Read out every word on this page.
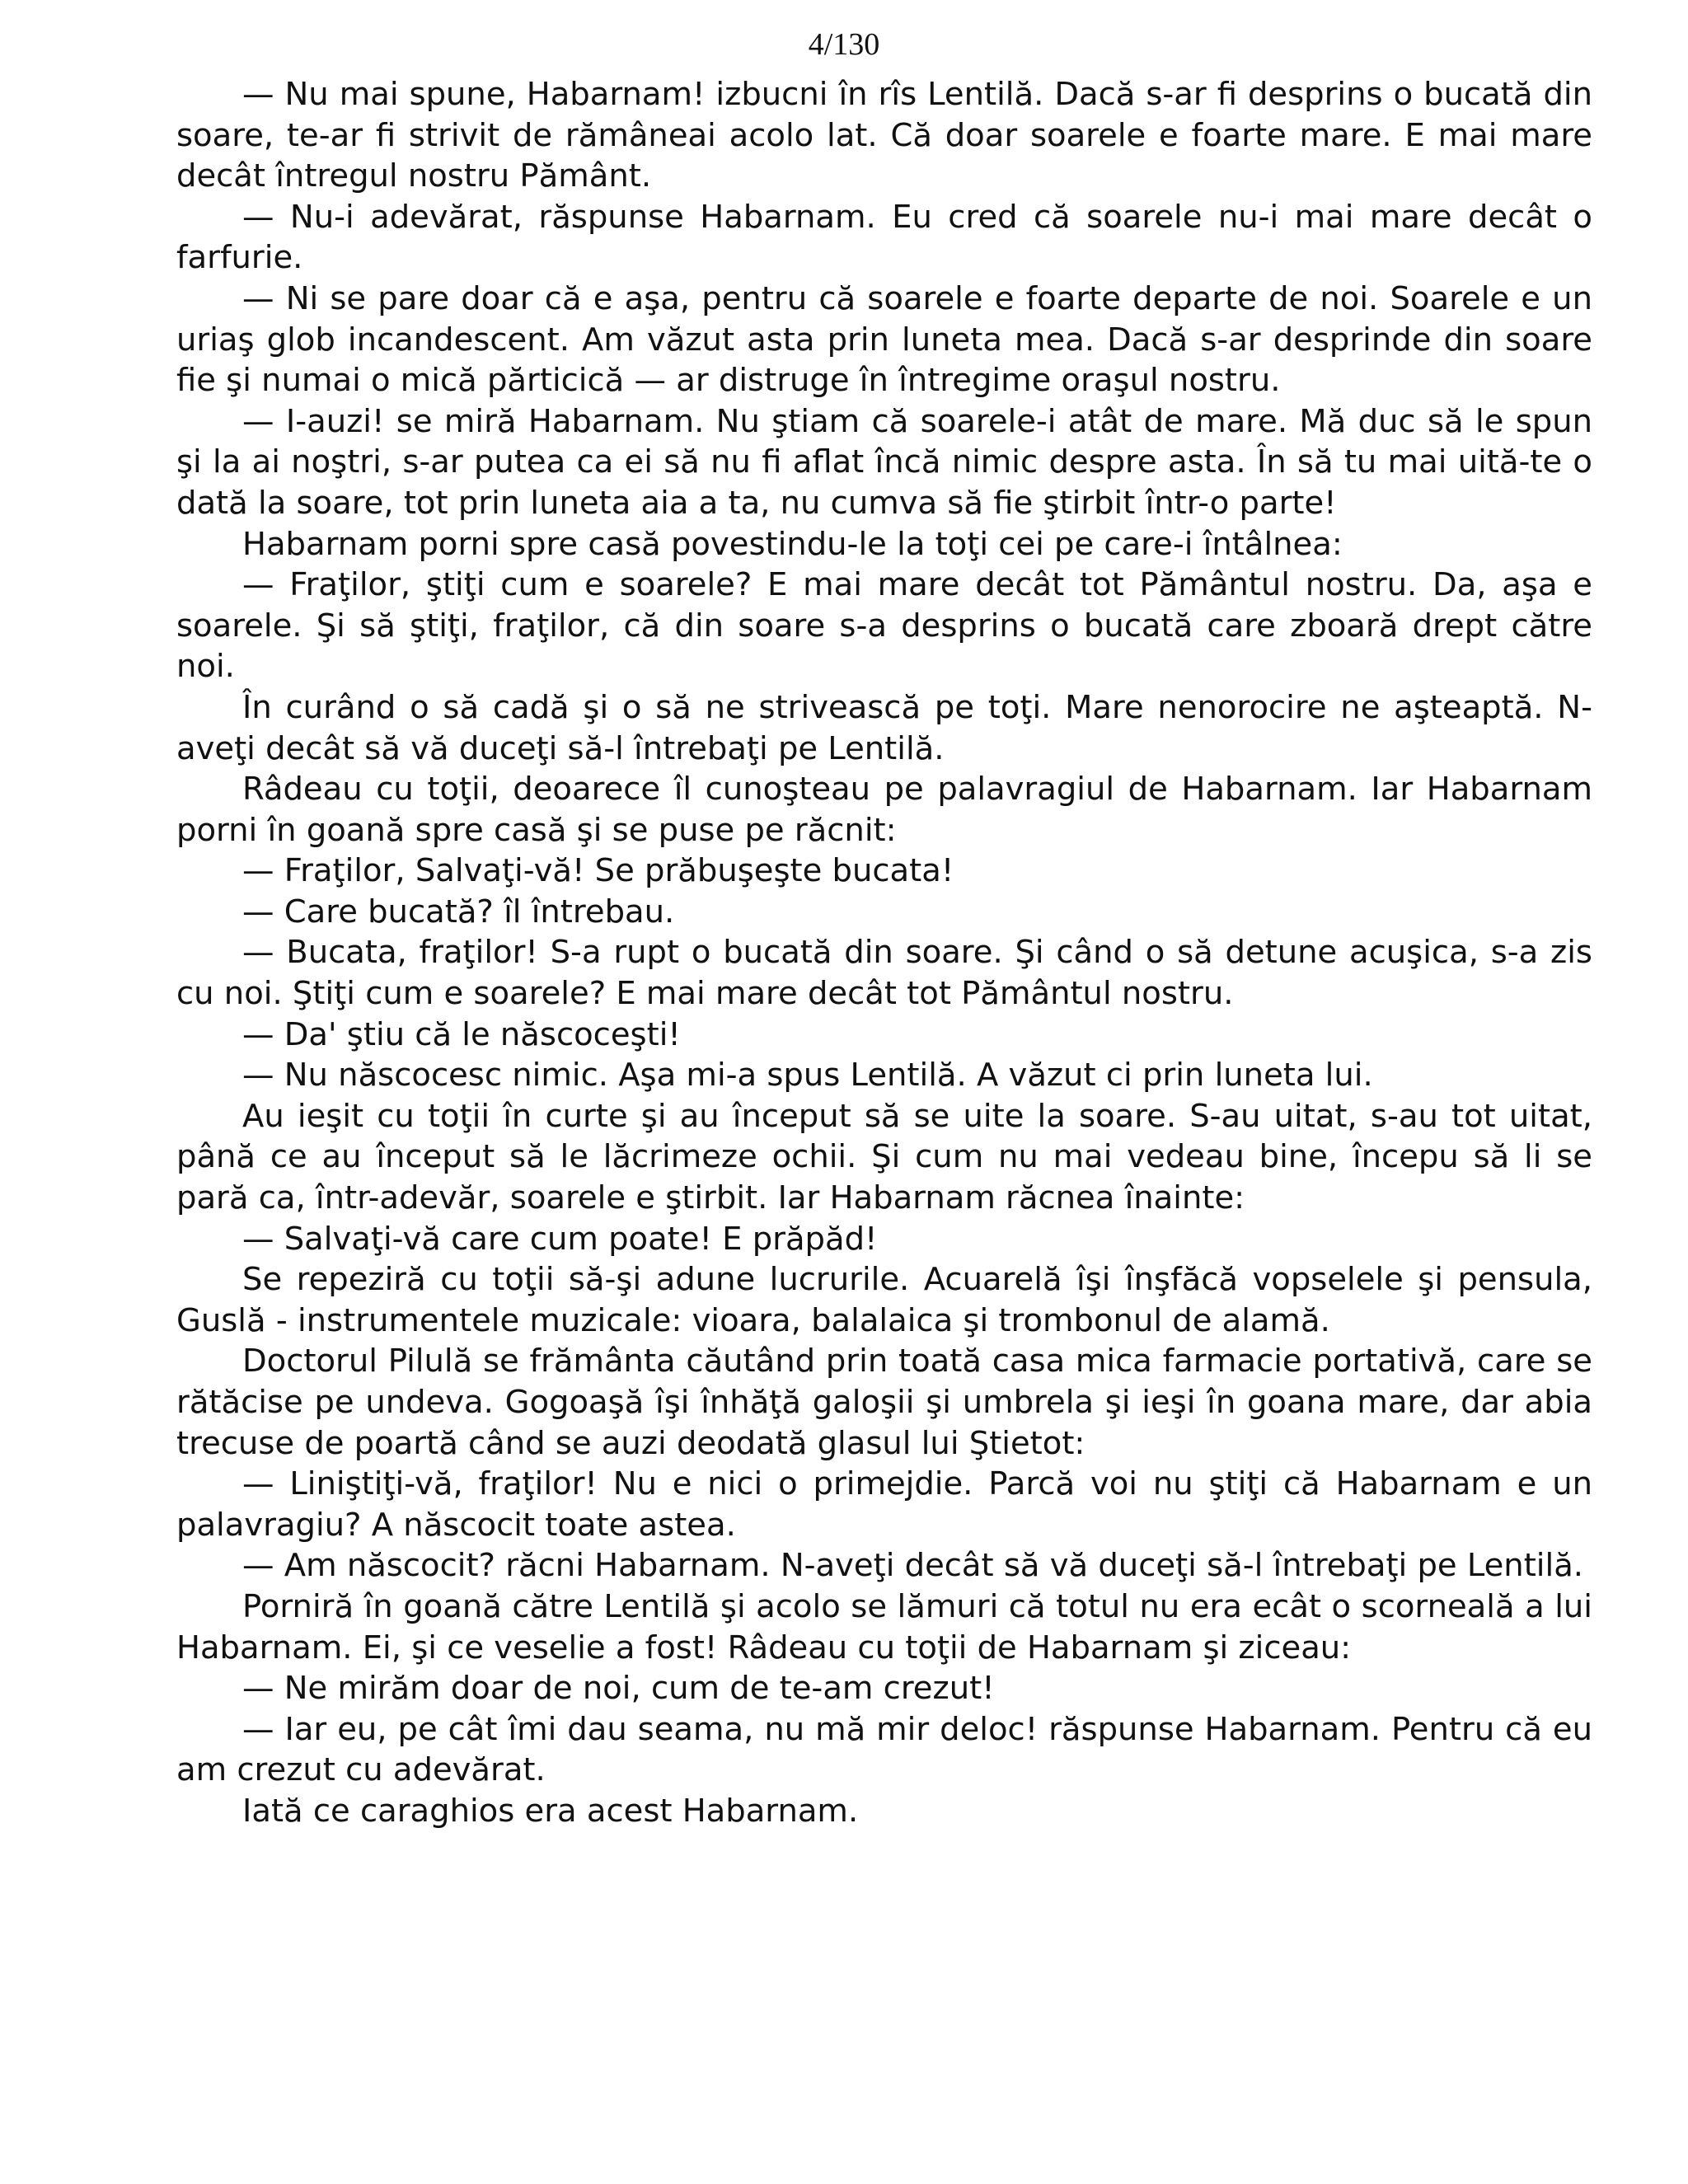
4/130

— Nu mai spune, Habarnam! izbucni în rîs Lentilă. Dacă s-ar fi desprins o bucată din soare, te-ar fi strivit de rămâneai acolo lat. Că doar soarele e foarte mare. E mai mare decât întregul nostru Pământ.

— Nu-i adevărat, răspunse Habarnam. Eu cred că soarele nu-i mai mare decât o farfurie.

— Ni se pare doar că e aşa, pentru că soarele e foarte departe de noi. Soarele e un uriaş glob incandescent. Am văzut asta prin luneta mea. Dacă s-ar desprinde din soare fie şi numai o mică părticică — ar distruge în întregime oraşul nostru.

— I-auzi! se miră Habarnam. Nu ştiam că soarele-i atât de mare. Mă duc să le spun şi la ai noştri, s-ar putea ca ei să nu fi aflat încă nimic despre asta. În să tu mai uită-te o dată la soare, tot prin luneta aia a ta, nu cumva să fie ştirbit într-o parte!

Habarnam porni spre casă povestindu-le la toţi cei pe care-i întâlnea:

— Fraţilor, ştiţi cum e soarele? E mai mare decât tot Pământul nostru. Da, aşa e soarele. Şi să ştiţi, fraţilor, că din soare s-a desprins o bucată care zboară drept către noi.

În curând o să cadă şi o să ne strivească pe toţi. Mare nenorocire ne aşteaptă. N-aveţi decât să vă duceţi să-l întrebaţi pe Lentilă.

Râdeau cu toţii, deoarece îl cunoşteau pe palavragiul de Habarnam. Iar Habarnam porni în goană spre casă şi se puse pe răcnit:

— Fraţilor, Salvaţi-vă! Se prăbuşeşte bucata!

— Care bucată? îl întrebau.

— Bucata, fraţilor! S-a rupt o bucată din soare. Şi când o să detune acuşica, s-a zis cu noi. Ştiţi cum e soarele? E mai mare decât tot Pământul nostru.

— Da' ştiu că le născoceşti!

— Nu născocesc nimic. Aşa mi-a spus Lentilă. A văzut ci prin luneta lui.

Au ieşit cu toţii în curte şi au început să se uite la soare. S-au uitat, s-au tot uitat, până ce au început să le lăcrimeze ochii. Şi cum nu mai vedeau bine, începu să li se pară ca, într-adevăr, soarele e ştirbit. Iar Habarnam răcnea înainte:

— Salvaţi-vă care cum poate! E prăpăd!

Se repeziră cu toţii să-şi adune lucrurile. Acuarelă îşi înşfăcă vopselele şi pensula, Guslă - instrumentele muzicale: vioara, balalaica şi trombonul de alamă.

Doctorul Pilulă se frământa căutând prin toată casa mica farmacie portativă, care se rătăcise pe undeva. Gogoaşă îşi înhăţă galoşii şi umbrela şi ieşi în goana mare, dar abia trecuse de poartă când se auzi deodată glasul lui Ştietot:

— Liniştiţi-vă, fraţilor! Nu e nici o primejdie. Parcă voi nu ştiţi că Habarnam e un palavragiu? A născocit toate astea.

— Am născocit? răcni Habarnam. N-aveţi decât să vă duceţi să-l întrebaţi pe Lentilă.

Porniră în goană către Lentilă şi acolo se lămuri că totul nu era ecât o scorneală a lui Habarnam. Ei, şi ce veselie a fost! Râdeau cu toţii de Habarnam şi ziceau:

— Ne mirăm doar de noi, cum de te-am crezut!

— Iar eu, pe cât îmi dau seama, nu mă mir deloc! răspunse Habarnam. Pentru că eu am crezut cu adevărat.

Iată ce caraghios era acest Habarnam.
